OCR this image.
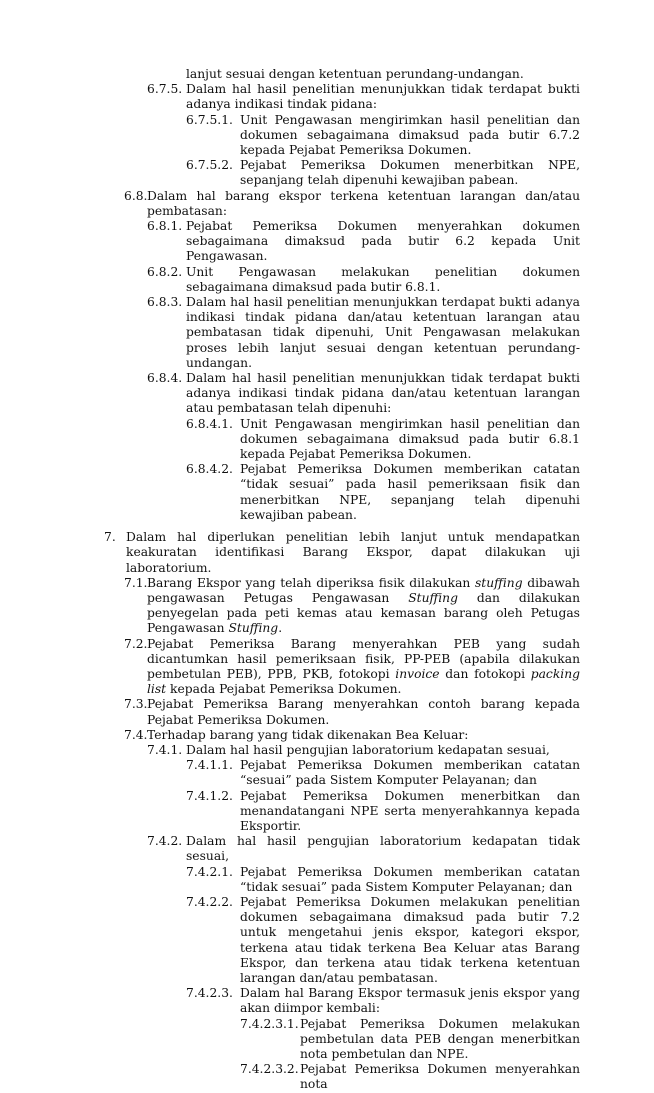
lanjut sesuai dengan ketentuan perundang-undangan.
6.7.5. Dalam hal hasil penelitian menunjukkan tidak terdapat bukti adanya indikasi tindak pidana:
6.7.5.1. Unit Pengawasan mengirimkan hasil penelitian dan dokumen sebagaimana dimaksud pada butir 6.7.2 kepada Pejabat Pemeriksa Dokumen.
6.7.5.2. Pejabat Pemeriksa Dokumen menerbitkan NPE, sepanjang telah dipenuhi kewajiban pabean.
6.8. Dalam hal barang ekspor terkena ketentuan larangan dan/atau pembatasan:
6.8.1. Pejabat Pemeriksa Dokumen menyerahkan dokumen sebagaimana dimaksud pada butir 6.2 kepada Unit Pengawasan.
6.8.2. Unit Pengawasan melakukan penelitian dokumen sebagaimana dimaksud pada butir 6.8.1.
6.8.3. Dalam hal hasil penelitian menunjukkan terdapat bukti adanya indikasi tindak pidana dan/atau ketentuan larangan atau pembatasan tidak dipenuhi, Unit Pengawasan melakukan proses lebih lanjut sesuai dengan ketentuan perundang-undangan.
6.8.4. Dalam hal hasil penelitian menunjukkan tidak terdapat bukti adanya indikasi tindak pidana dan/atau ketentuan larangan atau pembatasan telah dipenuhi:
6.8.4.1. Unit Pengawasan mengirimkan hasil penelitian dan dokumen sebagaimana dimaksud pada butir 6.8.1 kepada Pejabat Pemeriksa Dokumen.
6.8.4.2. Pejabat Pemeriksa Dokumen memberikan catatan “tidak sesuai” pada hasil pemeriksaan fisik dan menerbitkan NPE, sepanjang telah dipenuhi kewajiban pabean.
7. Dalam hal diperlukan penelitian lebih lanjut untuk mendapatkan keakuratan identifikasi Barang Ekspor, dapat dilakukan uji laboratorium.
7.1. Barang Ekspor yang telah diperiksa fisik dilakukan stuffing dibawah pengawasan Petugas Pengawasan Stuffing dan dilakukan penyegelan pada peti kemas atau kemasan barang oleh Petugas Pengawasan Stuffing.
7.2. Pejabat Pemeriksa Barang menyerahkan PEB yang sudah dicantumkan hasil pemeriksaan fisik, PP-PEB (apabila dilakukan pembetulan PEB), PPB, PKB, fotokopi invoice dan fotokopi packing list kepada Pejabat Pemeriksa Dokumen.
7.3. Pejabat Pemeriksa Barang menyerahkan contoh barang kepada Pejabat Pemeriksa Dokumen.
7.4. Terhadap barang yang tidak dikenakan Bea Keluar:
7.4.1. Dalam hal hasil pengujian laboratorium kedapatan sesuai,
7.4.1.1. Pejabat Pemeriksa Dokumen memberikan catatan “sesuai” pada Sistem Komputer Pelayanan; dan
7.4.1.2. Pejabat Pemeriksa Dokumen menerbitkan dan menandatangani NPE serta menyerahkannya kepada Eksportir.
7.4.2. Dalam hal hasil pengujian laboratorium kedapatan tidak sesuai,
7.4.2.1. Pejabat Pemeriksa Dokumen memberikan catatan “tidak sesuai” pada Sistem Komputer Pelayanan; dan
7.4.2.2. Pejabat Pemeriksa Dokumen melakukan penelitian dokumen sebagaimana dimaksud pada butir 7.2 untuk mengetahui jenis ekspor, kategori ekspor, terkena atau tidak terkena Bea Keluar atas Barang Ekspor, dan terkena atau tidak terkena ketentuan larangan dan/atau pembatasan.
7.4.2.3. Dalam hal Barang Ekspor termasuk jenis ekspor yang akan diimpor kembali:
7.4.2.3.1. Pejabat Pemeriksa Dokumen melakukan pembetulan data PEB dengan menerbitkan nota pembetulan dan NPE.
7.4.2.3.2. Pejabat Pemeriksa Dokumen menyerahkan nota
